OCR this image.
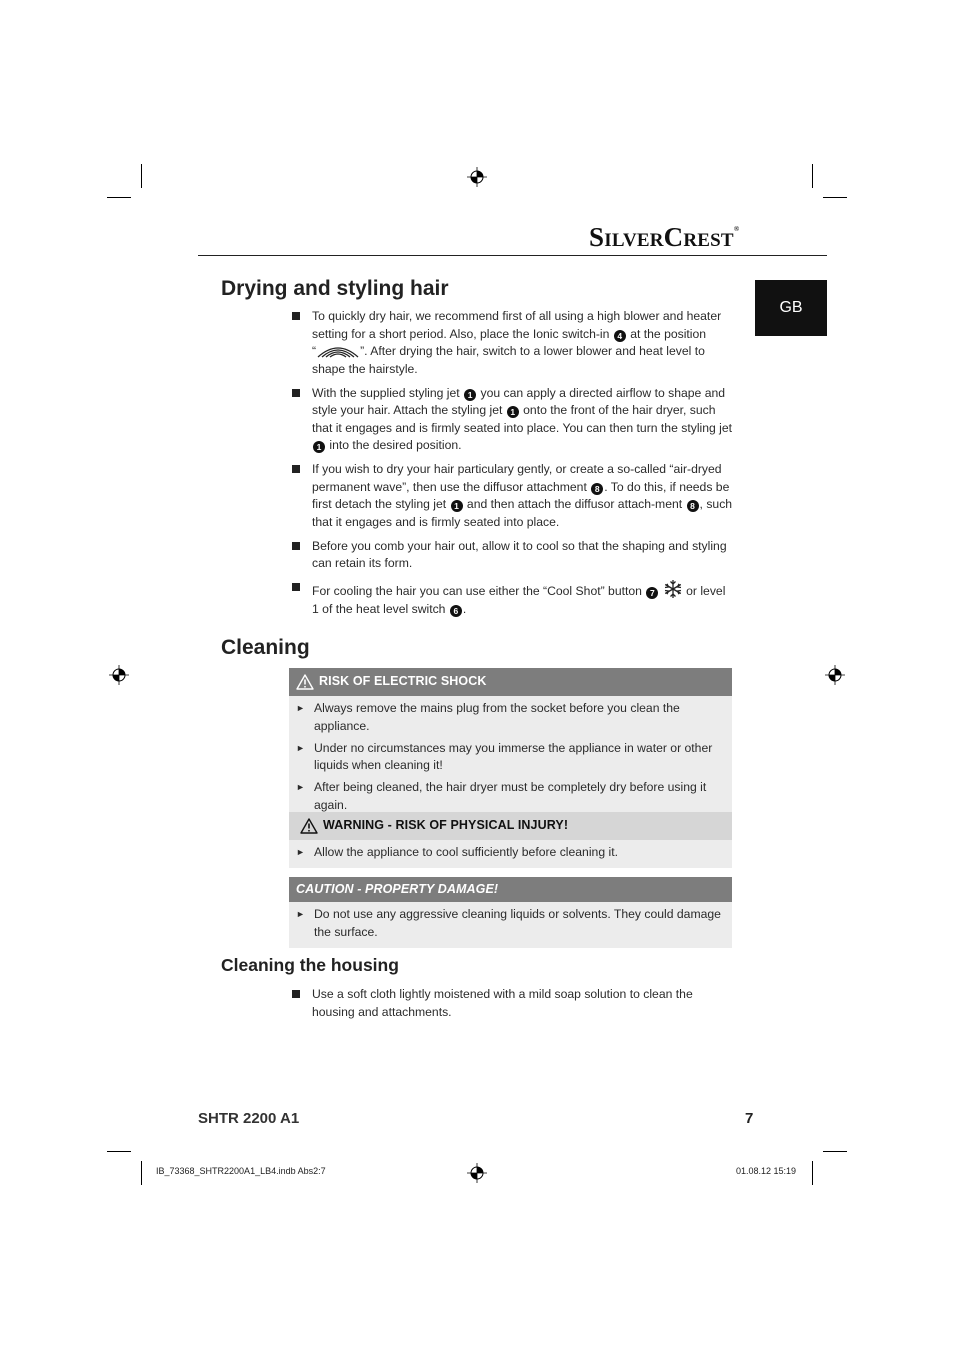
SILVERCREST®
GB
Drying and styling hair
To quickly dry hair, we recommend first of all using a high blower and heater setting for a short period. Also, place the Ionic switch-in 4 at the position
“	”. After drying the hair, switch to a lower blower and heat level to shape the hairstyle.
With the supplied styling jet 1 you can apply a directed airflow to shape and style your hair. Attach the styling jet 1 onto the front of the hair dryer, such that it engages and is firmly seated into place. You can then turn the styling jet 1 into the desired position.
If you wish to dry your hair particulary gently, or create a so-called “air-dryed permanent wave”, then use the diffusor attachment 8 . To do this, if needs be first detach the styling jet 1 and then attach the diffusor attach-ment 8 , such that it engages and is firmly seated into place.
Before you comb your hair out, allow it to cool so that the shaping and styling can retain its form.
For cooling the hair you can use either the “Cool Shot” button 7	or level 1 of the heat level switch 6 .
Cleaning
RISK OF ELECTRIC SHOCK
► Always remove the mains plug from the socket before you clean the appliance.
► Under no circumstances may you immerse the appliance in water or other liquids when cleaning it!
► After being cleaned, the hair dryer must be completely dry before using it again.
WARNING - RISK OF PHYSICAL INJURY!
► Allow the appliance to cool sufficiently before cleaning it.
CAUTION - PROPERTY DAMAGE!
► Do not use any aggressive cleaning liquids or solvents. They could damage the surface.
Cleaning the housing
Use a soft cloth lightly moistened with a mild soap solution to clean the housing and attachments.
SHTR 2200 A1	7
IB_73368_SHTR2200A1_LB4.indb Abs2:7	01.08.12 15:19
